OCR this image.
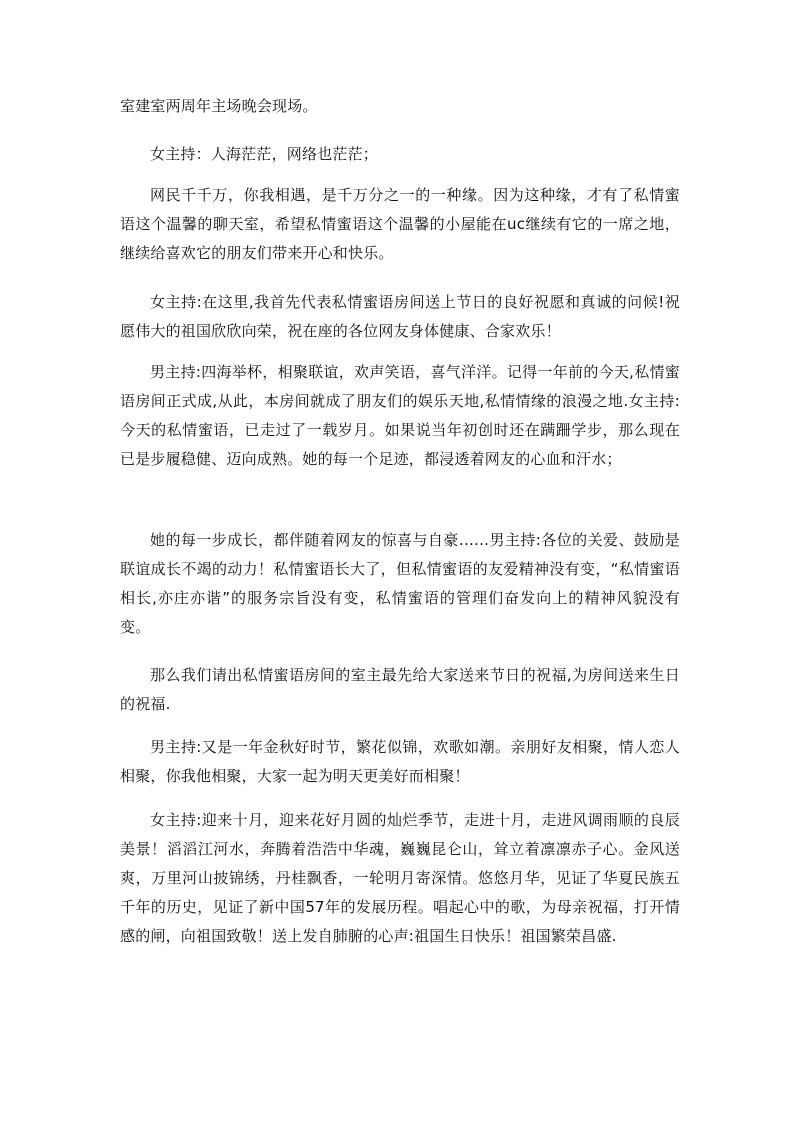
室建室两周年主场晚会现场。

女主持：人海茫茫，网络也茫茫；

网民千千万，你我相遇，是千万分之一的一种缘。因为这种缘，才有了私情蜜语这个温馨的聊天室，希望私情蜜语这个温馨的小屋能在uc继续有它的一席之地，继续给喜欢它的朋友们带来开心和快乐。

女主持:在这里,我首先代表私情蜜语房间送上节日的良好祝愿和真诚的问候!祝愿伟大的祖国欣欣向荣，祝在座的各位网友身体健康、合家欢乐！

男主持:四海举杯，相聚联谊，欢声笑语，喜气洋洋。记得一年前的今天,私情蜜语房间正式成,从此，本房间就成了朋友们的娱乐天地,私情情缘的浪漫之地.女主持:今天的私情蜜语，已走过了一载岁月。如果说当年初创时还在蹒跚学步，那么现在已是步履稳健、迈向成熟。她的每一个足迹，都浸透着网友的心血和汗水；

她的每一步成长，都伴随着网友的惊喜与自豪……男主持:各位的关爱、鼓励是联谊成长不竭的动力！私情蜜语长大了，但私情蜜语的友爱精神没有变，“私情蜜语相长,亦庄亦谐”的服务宗旨没有变，私情蜜语的管理们奋发向上的精神风貌没有变。

那么我们请出私情蜜语房间的室主最先给大家送来节日的祝福,为房间送来生日的祝福.

男主持:又是一年金秋好时节，繁花似锦，欢歌如潮。亲朋好友相聚，情人恋人相聚，你我他相聚，大家一起为明天更美好而相聚！

女主持:迎来十月，迎来花好月圆的灿烂季节，走进十月，走进风调雨顺的良辰美景！滔滔江河水，奔腾着浩浩中华魂，巍巍昆仑山，耸立着凛凛赤子心。金风送爽，万里河山披锦绣，丹桂飘香，一轮明月寄深情。悠悠月华，见证了华夏民族五千年的历史，见证了新中国57年的发展历程。唱起心中的歌，为母亲祝福，打开情感的闸，向祖国致敬！送上发自肺腑的心声:祖国生日快乐！祖国繁荣昌盛.
